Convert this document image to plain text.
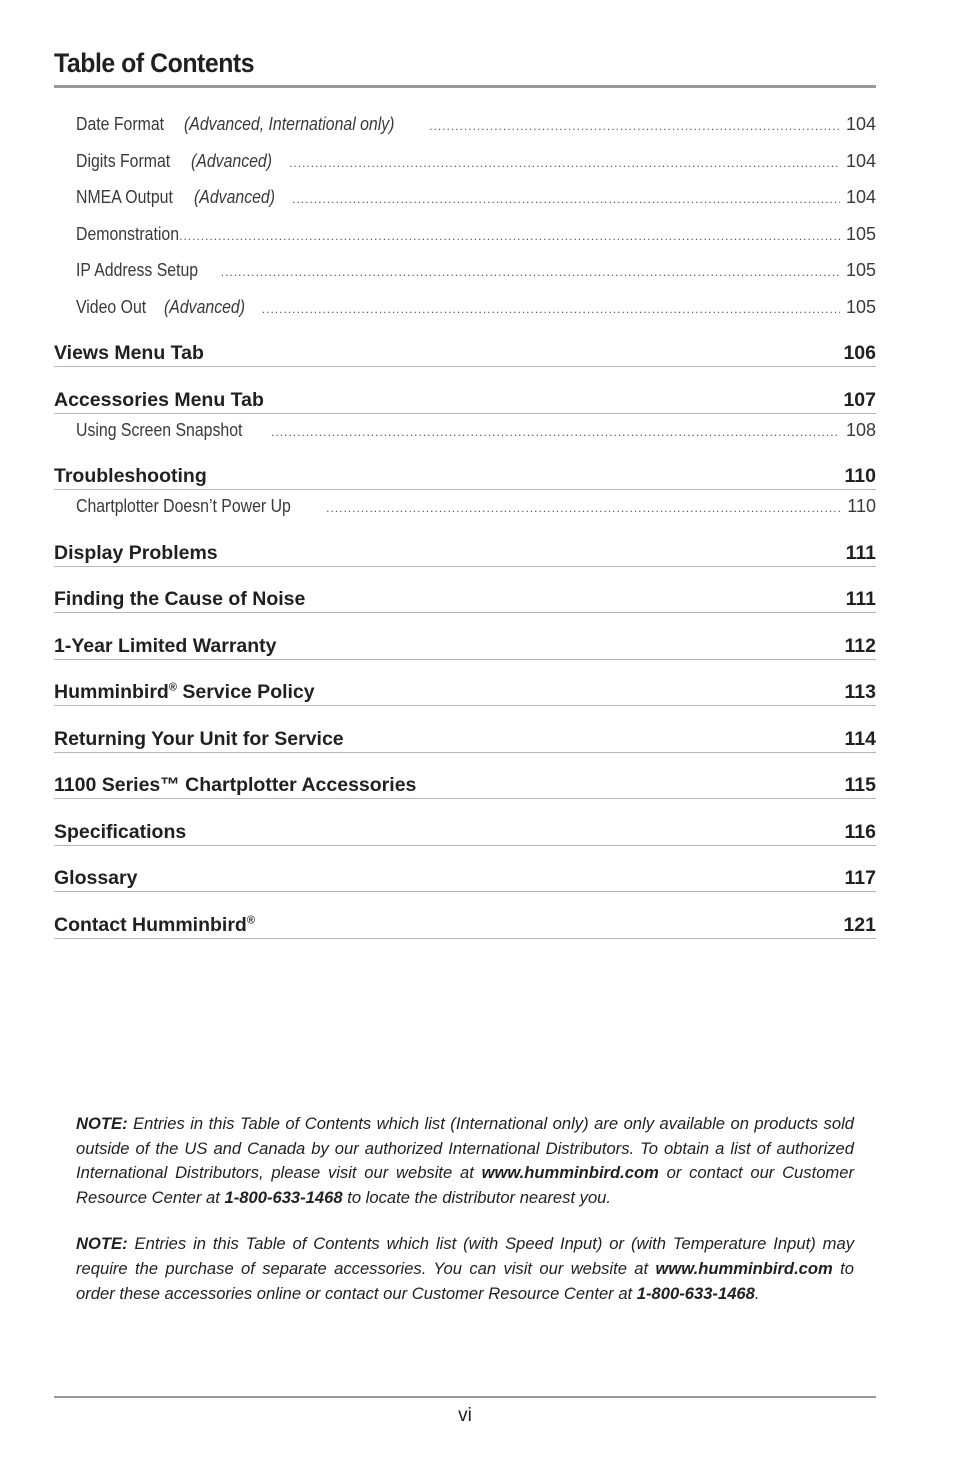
Table of Contents
Date Format (Advanced, International only) .....	104
Digits Format (Advanced) .....	104
NMEA Output (Advanced) .....	104
Demonstration .....	105
IP Address Setup .....	105
Video Out (Advanced) .....	105
Views Menu Tab	106
Accessories Menu Tab	107
Using Screen Snapshot .....	108
Troubleshooting	110
Chartplotter Doesn’t Power Up .....	110
Display Problems	111
Finding the Cause of Noise	111
1-Year Limited Warranty	112
Humminbird® Service Policy	113
Returning Your Unit for Service	114
1100 Series™ Chartplotter Accessories	115
Specifications	116
Glossary	117
Contact Humminbird®	121

NOTE: Entries in this Table of Contents which list (International only) are only available on products sold outside of the US and Canada by our authorized International Distributors. To obtain a list of authorized International Distributors, please visit our website at www.humminbird.com or contact our Customer Resource Center at 1-800-633-1468 to locate the distributor nearest you.

NOTE: Entries in this Table of Contents which list (with Speed Input) or (with Temperature Input) may require the purchase of separate accessories. You can visit our website at www.humminbird.com to order these accessories online or contact our Customer Resource Center at 1-800-633-1468.

vi
